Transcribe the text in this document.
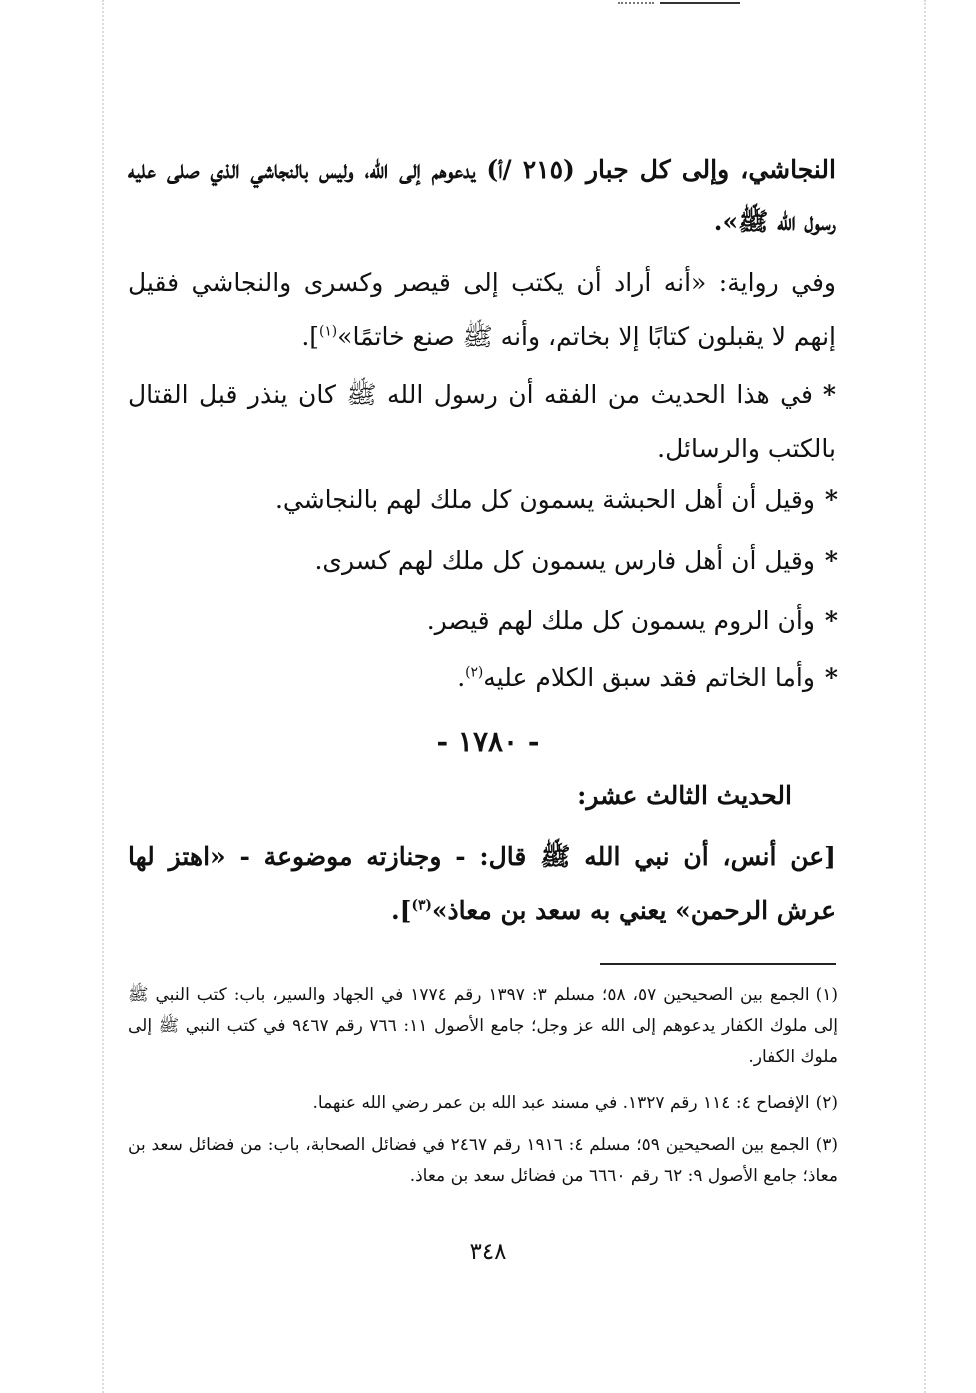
النجاشي، وإلى كل جبار (٢١٥ /أ) يدعوهم إلى الله، وليس بالنجاشي الذي صلى عليه رسول الله ﷺ».
وفي رواية: «أنه أراد أن يكتب إلى قيصر وكسرى والنجاشي فقيل إنهم لا يقبلون كتابًا إلا بخاتم، وأنه ﷺ صنع خاتمًا»$^{(١)}$].
*في هذا الحديث من الفقه أن رسول الله ﷺ كان ينذر قبل القتال بالكتب والرسائل.
*وقيل أن أهل الحبشة يسمون كل ملك لهم بالنجاشي.
*وقيل أن أهل فارس يسمون كل ملك لهم كسرى.
*وأن الروم يسمون كل ملك لهم قيصر.
*وأما الخاتم فقد سبق الكلام عليه$^{(٢)}$.
- ١٧٨٠ -
الحديث الثالث عشر:
[عن أنس، أن نبي الله ﷺ قال: - وجنازته موضوعة - «اهتز لها عرش الرحمن» يعني به سعد بن معاذ»$^{(٣)}$].
(١)الجمع بين الصحيحين ٥٧، ٥٨؛ مسلم ٣: ١٣٩٧ رقم ١٧٧٤ في الجهاد والسير، باب: كتب النبي ﷺ إلى ملوك الكفار يدعوهم إلى الله عز وجل؛ جامع الأصول ١١: ٧٦٦ رقم ٩٤٦٧ في كتب النبي ﷺ إلى ملوك الكفار.
(٢)الإفصاح ٤: ١١٤ رقم ١٣٢٧. في مسند عبد الله بن عمر رضي الله عنهما.
(٣)الجمع بين الصحيحين ٥٩؛ مسلم ٤: ١٩١٦ رقم ٢٤٦٧ في فضائل الصحابة، باب: من فضائل سعد بن معاذ؛ جامع الأصول ٩: ٦٢ رقم ٦٦٦٠ من فضائل سعد بن معاذ.
٣٤٨
